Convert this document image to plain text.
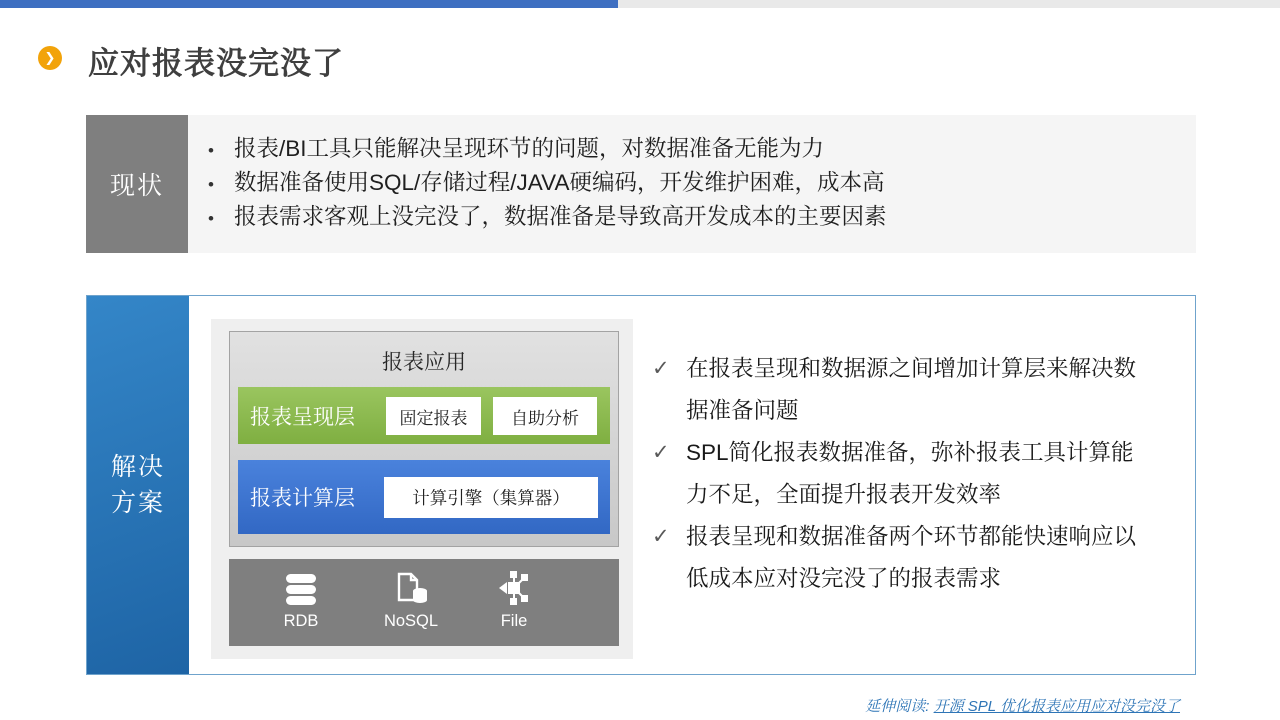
❯ 应对报表没完没了
现状
• 报表/BI工具只能解决呈现环节的问题，对数据准备无能为力
• 数据准备使用SQL/存储过程/JAVA硬编码，开发维护困难，成本高
• 报表需求客观上没完没了，数据准备是导致高开发成本的主要因素
解决
方案
报表应用
报表呈现层	固定报表	自助分析
报表计算层	计算引擎（集算器）
RDB	NoSQL	File
✓ 在报表呈现和数据源之间增加计算层来解决数据准备问题
✓ SPL简化报表数据准备，弥补报表工具计算能力不足，全面提升报表开发效率
✓ 报表呈现和数据准备两个环节都能快速响应以低成本应对没完没了的报表需求
延伸阅读: 开源 SPL 优化报表应用应对没完没了
